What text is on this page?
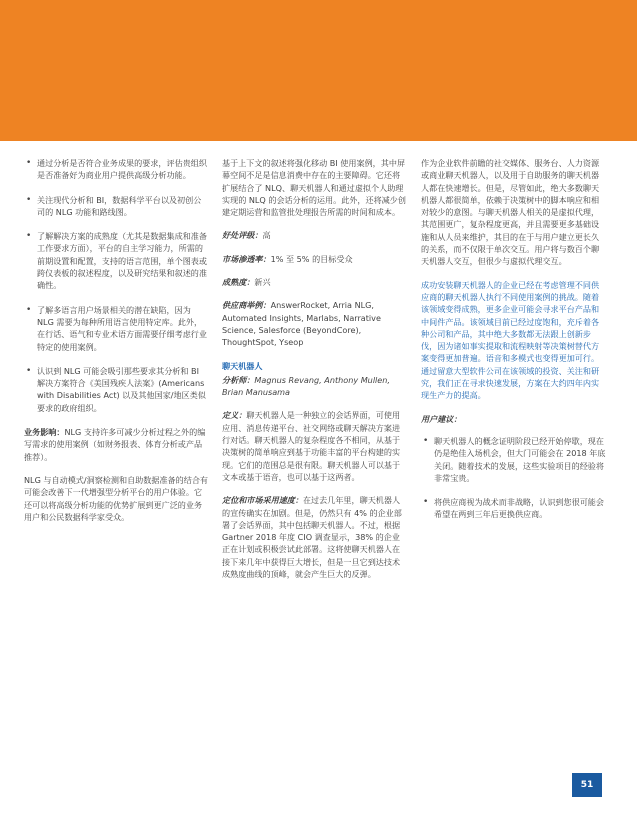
• 通过分析是否符合业务成果的要求，评估贵组织是否准备好为商业用户提供高级分析功能。
• 关注现代分析和 BI，数据科学平台以及初创公司的 NLG 功能和路线图。
• 了解解决方案的成熟度（尤其是数据集成和准备工作要求方面），平台的自主学习能力，所需的前期设置和配置，支持的语言范围，单个图表或跨仪表板的叙述程度，以及研究结果和叙述的准确性。
• 了解多语言用户场景相关的潜在缺陷，因为 NLG 需要为每种所用语言使用特定库。此外，在行话、语气和专业术语方面需要仔细考虑行业特定的使用案例。
• 认识到 NLG 可能会吸引那些要求其分析和 BI 解决方案符合《美国残疾人法案》(Americans with Disabilities Act) 以及其他国家/地区类似要求的政府组织。

业务影响：NLG 支持许多可减少分析过程之外的编写需求的使用案例（如财务报表、体育分析或产品推荐）。

NLG 与自动模式/洞察检测和自助数据准备的结合有可能会改善下一代增强型分析平台的用户体验。它还可以将高级分析功能的优势扩展到更广泛的业务用户和公民数据科学家受众。

基于上下文的叙述将强化移动 BI 使用案例，其中屏幕空间不足是信息消费中存在的主要障碍。它还将扩展结合了 NLQ、聊天机器人和通过虚拟个人助理实现的 NLQ 的会话分析的运用。此外，还将减少创建定期运营和监管批处理报告所需的时间和成本。

好处评级：高

市场渗透率：1% 至 5% 的目标受众

成熟度：新兴

供应商举例：AnswerRocket, Arria NLG, Automated Insights, Marlabs, Narrative Science, Salesforce (BeyondCore), ThoughtSpot, Yseop

聊天机器人

分析师：Magnus Revang, Anthony Mullen, Brian Manusama

定义：聊天机器人是一种独立的会话界面，可使用应用、消息传递平台、社交网络或聊天解决方案进行对话。聊天机器人的复杂程度各不相同，从基于决策树的简单响应到基于功能丰富的平台构建的实现。它们的范围总是很有限。聊天机器人可以基于文本或基于语音，也可以基于这两者。

定位和市场采用速度：在过去几年里，聊天机器人的宣传确实在加剧。但是，仍然只有 4% 的企业部署了会话界面，其中包括聊天机器人。不过，根据 Gartner 2018 年度 CIO 调查显示，38% 的企业正在计划或积极尝试此部署。这将使聊天机器人在接下来几年中获得巨大增长，但是一旦它到达技术成熟度曲线的顶峰，就会产生巨大的反弹。

作为企业软件前瞻的社交媒体、服务台、人力资源或商业聊天机器人，以及用于自助服务的聊天机器人都在快速增长。但是，尽管如此，绝大多数聊天机器人都很简单，依赖于决策树中的脚本响应和相对较少的意图。与聊天机器人相关的是虚拟代理，其范围更广，复杂程度更高，并且需要更多基础设施和从人员来维护，其目的在于与用户建立更长久的关系，而不仅限于单次交互。用户将与数百个聊天机器人交互，但很少与虚拟代理交互。

成功安装聊天机器人的企业已经在考虑管理不同供应商的聊天机器人执行不同使用案例的挑战。随着该领域变得成熟，更多企业可能会寻求平台产品和中间件产品。该领域目前已经过度饱和，充斥着各种公司和产品，其中绝大多数都无法跟上创新步伐，因为诸如事实提取和流程映射等决策树替代方案变得更加普遍。语音和多模式也变得更加可行。通过留意大型软件公司在该领域的投资、关注和研究，我们正在寻求快速发展，方案在大约四年内实现生产力的提高。

用户建议：

• 聊天机器人的概念证明阶段已经开始停歇，现在仍是绝佳入场机会，但大门可能会在 2018 年底关闭。随着技术的发展，这些实验项目的经验将非常宝贵。
• 将供应商视为战术而非战略，认识到您很可能会希望在两到三年后更换供应商。
51
